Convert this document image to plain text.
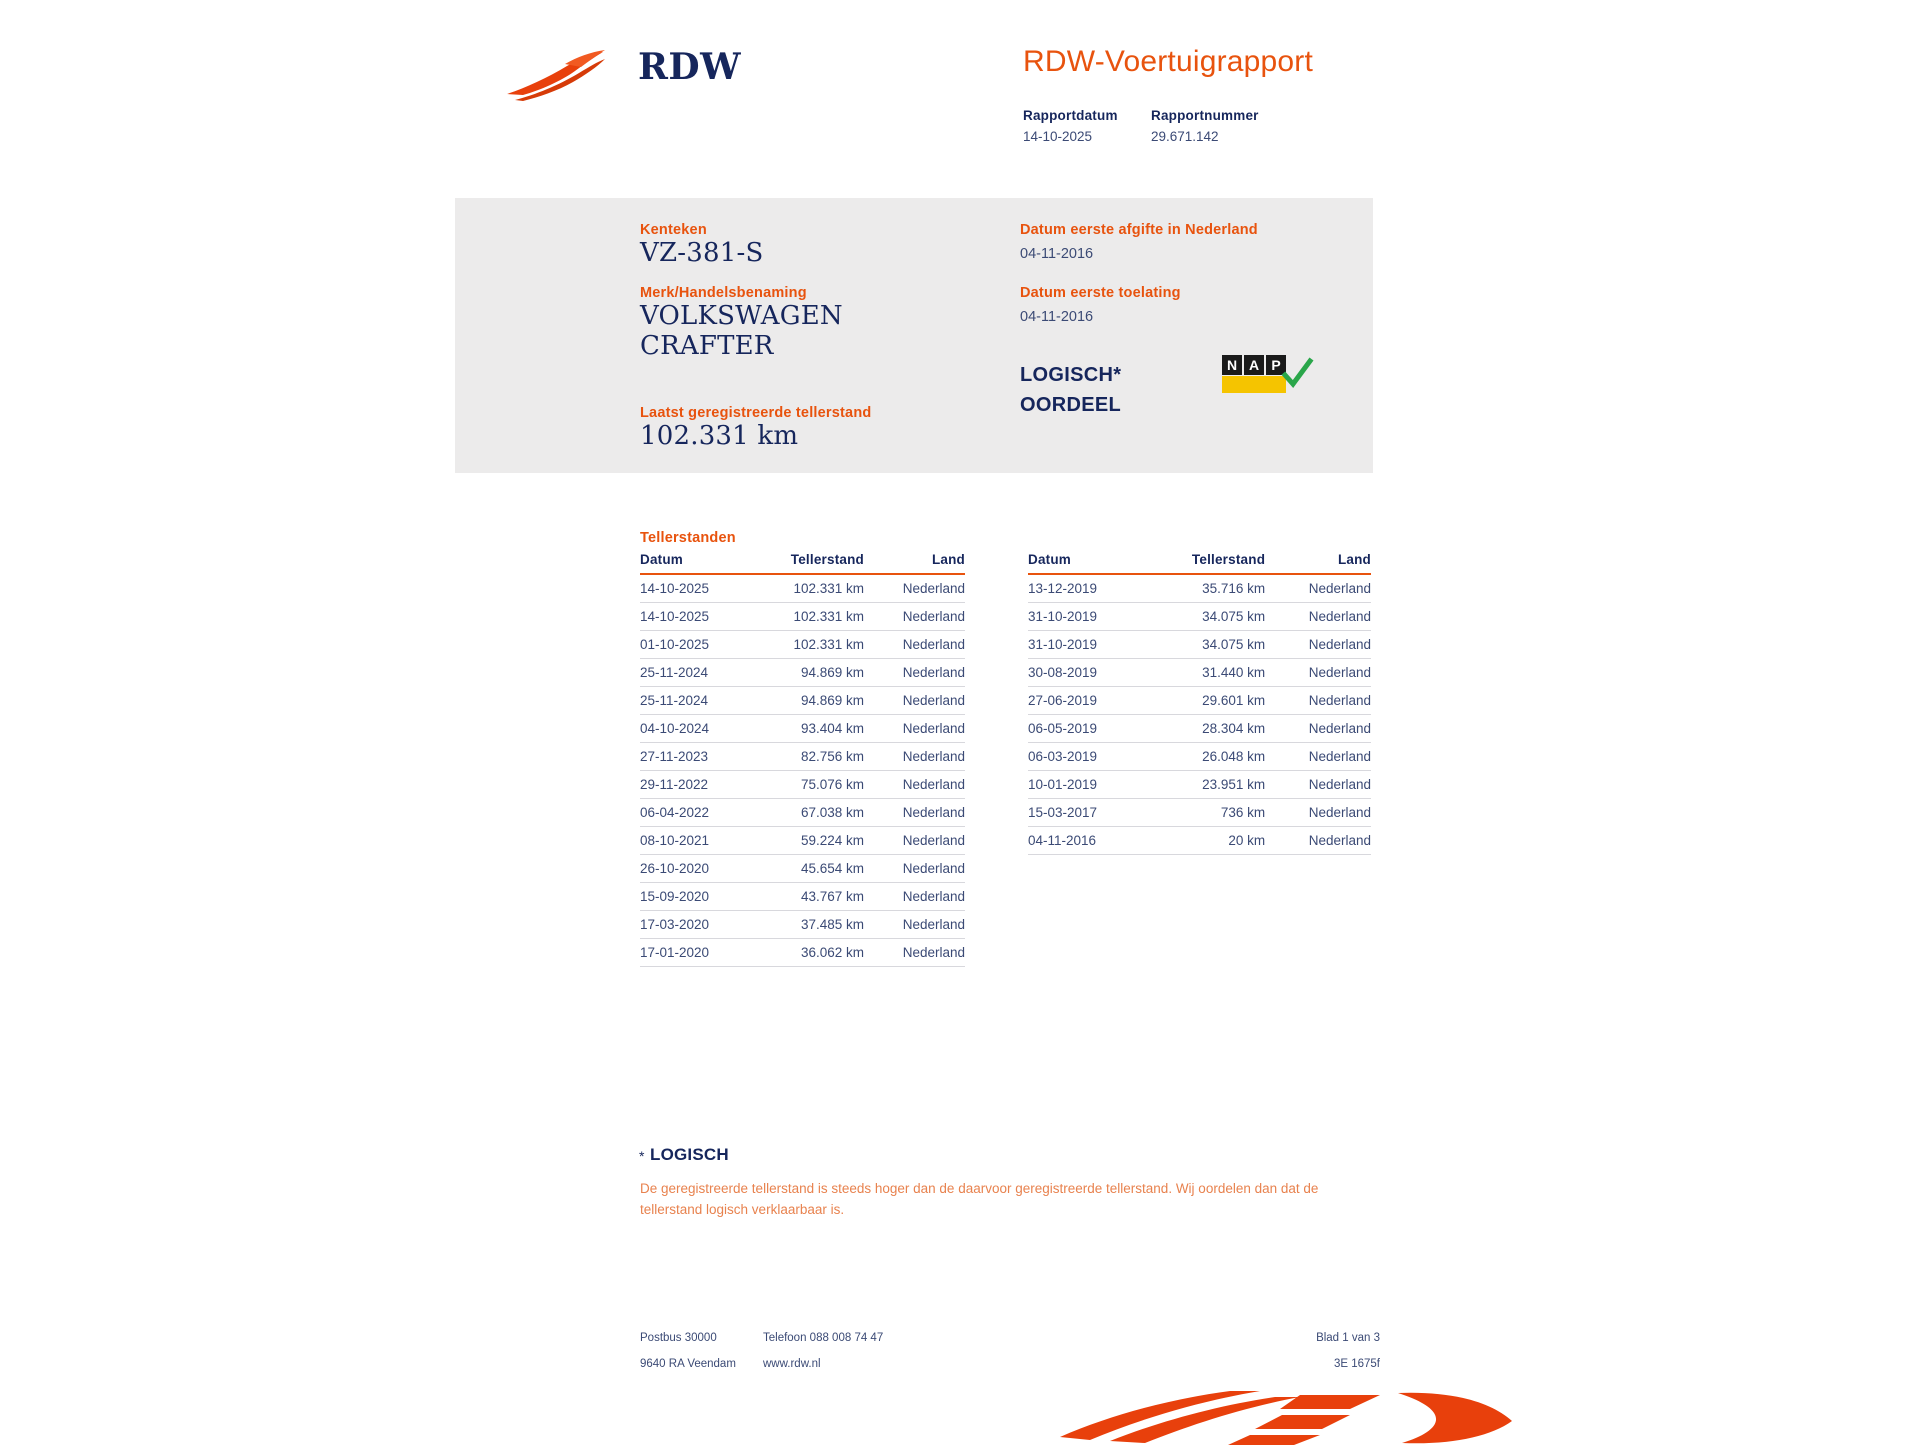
RDW	RDW-Voertuigrapport
Rapportdatum
14-10-2025
Rapportnummer
29.671.142
Kenteken
VZ-381-S
Merk/Handelsbenaming
VOLKSWAGEN
CRAFTER
Laatst geregistreerde tellerstand
102.331 km
Datum eerste afgifte in Nederland
04-11-2016
Datum eerste toelating
04-11-2016
LOGISCH*
OORDEEL
N A P
Tellerstanden
Datum	Tellerstand	Land
14-10-2025	102.331 km	Nederland
14-10-2025	102.331 km	Nederland
01-10-2025	102.331 km	Nederland
25-11-2024	94.869 km	Nederland
25-11-2024	94.869 km	Nederland
04-10-2024	93.404 km	Nederland
27-11-2023	82.756 km	Nederland
29-11-2022	75.076 km	Nederland
06-04-2022	67.038 km	Nederland
08-10-2021	59.224 km	Nederland
26-10-2020	45.654 km	Nederland
15-09-2020	43.767 km	Nederland
17-03-2020	37.485 km	Nederland
17-01-2020	36.062 km	Nederland
Datum	Tellerstand	Land
13-12-2019	35.716 km	Nederland
31-10-2019	34.075 km	Nederland
31-10-2019	34.075 km	Nederland
30-08-2019	31.440 km	Nederland
27-06-2019	29.601 km	Nederland
06-05-2019	28.304 km	Nederland
06-03-2019	26.048 km	Nederland
10-01-2019	23.951 km	Nederland
15-03-2017	736 km	Nederland
04-11-2016	20 km	Nederland
* LOGISCH
De geregistreerde tellerstand is steeds hoger dan de daarvoor geregistreerde tellerstand. Wij oordelen dan dat de tellerstand logisch verklaarbaar is.
Postbus 30000
9640 RA Veendam
Telefoon 088 008 74 47
www.rdw.nl
Blad 1 van 3
3E 1675f
